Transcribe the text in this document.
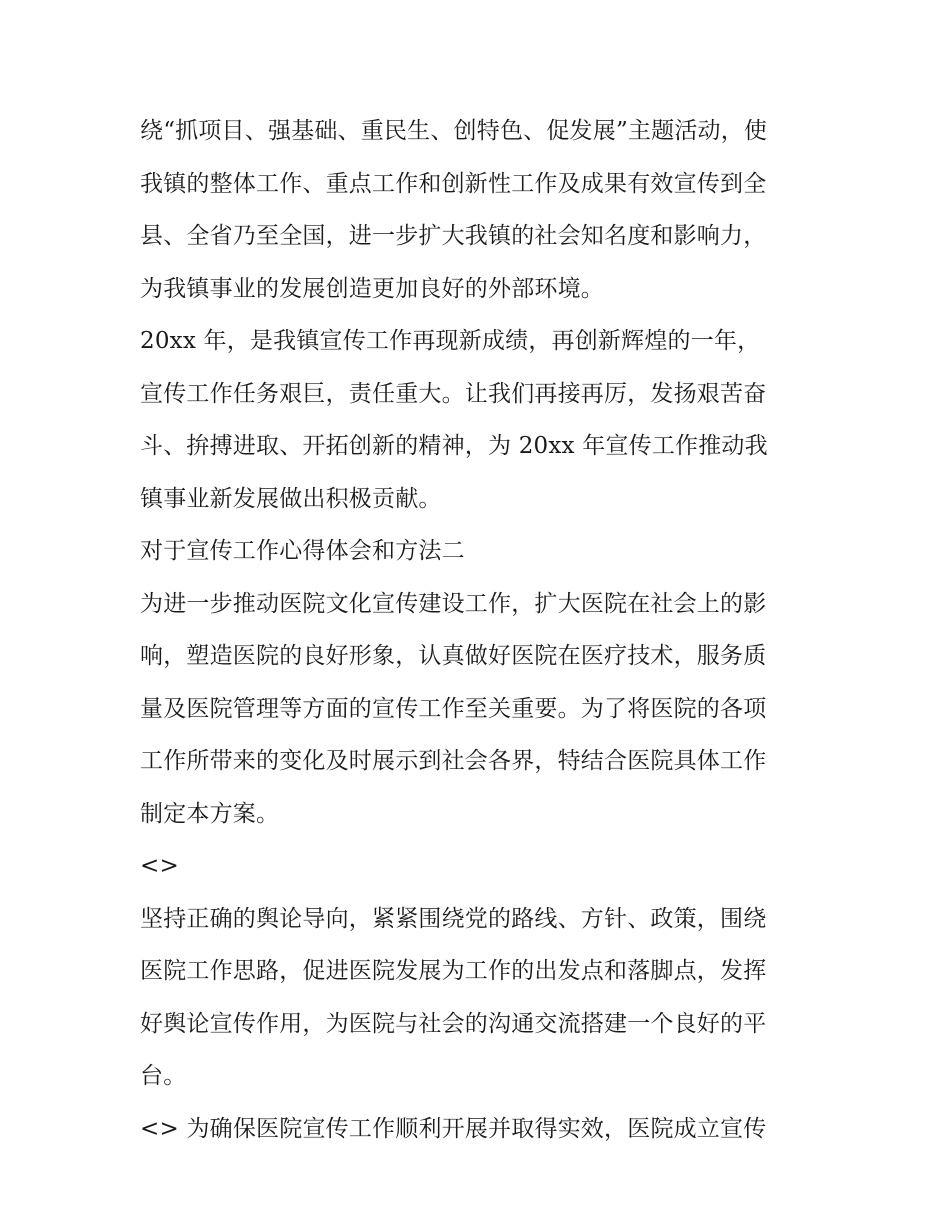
绕“抓项目、强基础、重民生、创特色、促发展”主题活动，使
我镇的整体工作、重点工作和创新性工作及成果有效宣传到全
县、全省乃至全国，进一步扩大我镇的社会知名度和影响力，
为我镇事业的发展创造更加良好的外部环境。
20xx 年，是我镇宣传工作再现新成绩，再创新辉煌的一年，
宣传工作任务艰巨，责任重大。让我们再接再厉，发扬艰苦奋
斗、拚搏进取、开拓创新的精神，为 20xx 年宣传工作推动我
镇事业新发展做出积极贡献。
对于宣传工作心得体会和方法二
为进一步推动医院文化宣传建设工作，扩大医院在社会上的影
响，塑造医院的良好形象，认真做好医院在医疗技术，服务质
量及医院管理等方面的宣传工作至关重要。为了将医院的各项
工作所带来的变化及时展示到社会各界，特结合医院具体工作
制定本方案。
<>
坚持正确的舆论导向，紧紧围绕党的路线、方针、政策，围绕
医院工作思路，促进医院发展为工作的出发点和落脚点，发挥
好舆论宣传作用，为医院与社会的沟通交流搭建一个良好的平
台。
<> 为确保医院宣传工作顺利开展并取得实效，医院成立宣传
